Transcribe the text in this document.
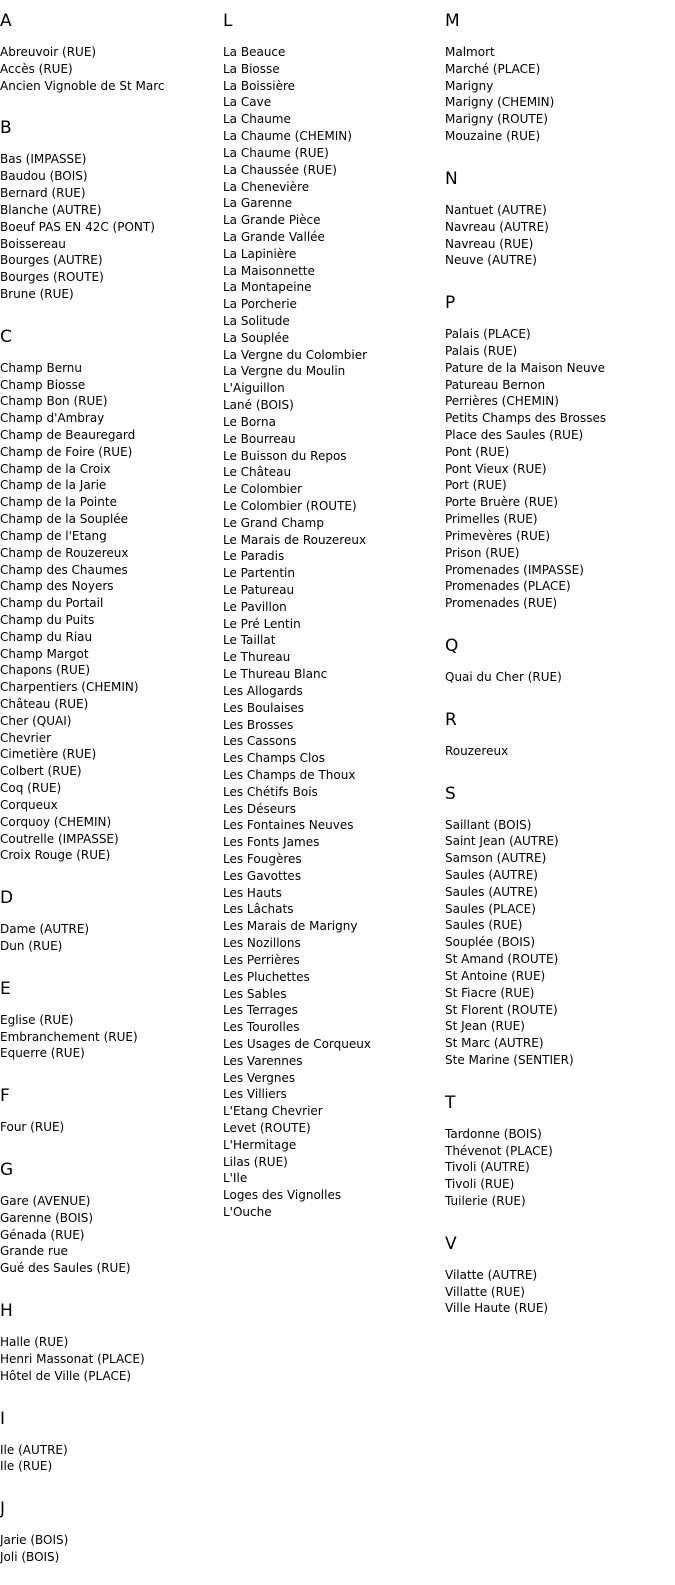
A
Abreuvoir (RUE)
Accès (RUE)
Ancien Vignoble de St Marc
B
Bas (IMPASSE)
Baudou (BOIS)
Bernard (RUE)
Blanche (AUTRE)
Boeuf PAS EN 42C (PONT)
Boissereau
Bourges (AUTRE)
Bourges (ROUTE)
Brune (RUE)
C
Champ Bernu
Champ Biosse
Champ Bon (RUE)
Champ d'Ambray
Champ de Beauregard
Champ de Foire (RUE)
Champ de la Croix
Champ de la Jarie
Champ de la Pointe
Champ de la Souplée
Champ de l'Etang
Champ de Rouzereux
Champ des Chaumes
Champ des Noyers
Champ du Portail
Champ du Puits
Champ du Riau
Champ Margot
Chapons (RUE)
Charpentiers (CHEMIN)
Château (RUE)
Cher (QUAI)
Chevrier
Cimetière (RUE)
Colbert (RUE)
Coq (RUE)
Corqueux
Corquoy (CHEMIN)
Coutrelle (IMPASSE)
Croix Rouge (RUE)
D
Dame (AUTRE)
Dun (RUE)
E
Eglise (RUE)
Embranchement (RUE)
Equerre (RUE)
F
Four (RUE)
G
Gare (AVENUE)
Garenne (BOIS)
Génada (RUE)
Grande rue
Gué des Saules (RUE)
H
Halle (RUE)
Henri Massonat (PLACE)
Hôtel de Ville (PLACE)
I
Ile (AUTRE)
Ile (RUE)
J
Jarie (BOIS)
Joli (BOIS)
L
La Beauce
La Biosse
La Boissière
La Cave
La Chaume
La Chaume (CHEMIN)
La Chaume (RUE)
La Chaussée (RUE)
La Chenevière
La Garenne
La Grande Pièce
La Grande Vallée
La Lapinière
La Maisonnette
La Montapeine
La Porcherie
La Solitude
La Souplée
La Vergne du Colombier
La Vergne du Moulin
L'Aiguillon
Lané (BOIS)
Le Borna
Le Bourreau
Le Buisson du Repos
Le Château
Le Colombier
Le Colombier (ROUTE)
Le Grand Champ
Le Marais de Rouzereux
Le Paradis
Le Partentin
Le Patureau
Le Pavillon
Le Pré Lentin
Le Taillat
Le Thureau
Le Thureau Blanc
Les Allogards
Les Boulaises
Les Brosses
Les Cassons
Les Champs Clos
Les Champs de Thoux
Les Chétifs Bois
Les Déseurs
Les Fontaines Neuves
Les Fonts James
Les Fougères
Les Gavottes
Les Hauts
Les Lâchats
Les Marais de Marigny
Les Nozillons
Les Perrières
Les Pluchettes
Les Sables
Les Terrages
Les Tourolles
Les Usages de Corqueux
Les Varennes
Les Vergnes
Les Villiers
L'Etang Chevrier
Levet (ROUTE)
L'Hermitage
Lilas (RUE)
L'Ile
Loges des Vignolles
L'Ouche
M
Malmort
Marché (PLACE)
Marigny
Marigny (CHEMIN)
Marigny (ROUTE)
Mouzaine (RUE)
N
Nantuet (AUTRE)
Navreau (AUTRE)
Navreau (RUE)
Neuve (AUTRE)
P
Palais (PLACE)
Palais (RUE)
Pature de la Maison Neuve
Patureau Bernon
Perrières (CHEMIN)
Petits Champs des Brosses
Place des Saules (RUE)
Pont (RUE)
Pont Vieux (RUE)
Port (RUE)
Porte Bruère (RUE)
Primelles (RUE)
Primevères (RUE)
Prison (RUE)
Promenades (IMPASSE)
Promenades (PLACE)
Promenades (RUE)
Q
Quai du Cher (RUE)
R
Rouzereux
S
Saillant (BOIS)
Saint Jean (AUTRE)
Samson (AUTRE)
Saules (AUTRE)
Saules (AUTRE)
Saules (PLACE)
Saules (RUE)
Souplée (BOIS)
St Amand (ROUTE)
St Antoine (RUE)
St Fiacre (RUE)
St Florent (ROUTE)
St Jean (RUE)
St Marc (AUTRE)
Ste Marine (SENTIER)
T
Tardonne (BOIS)
Thévenot (PLACE)
Tivoli (AUTRE)
Tivoli (RUE)
Tuilerie (RUE)
V
Vilatte (AUTRE)
Villatte (RUE)
Ville Haute (RUE)
